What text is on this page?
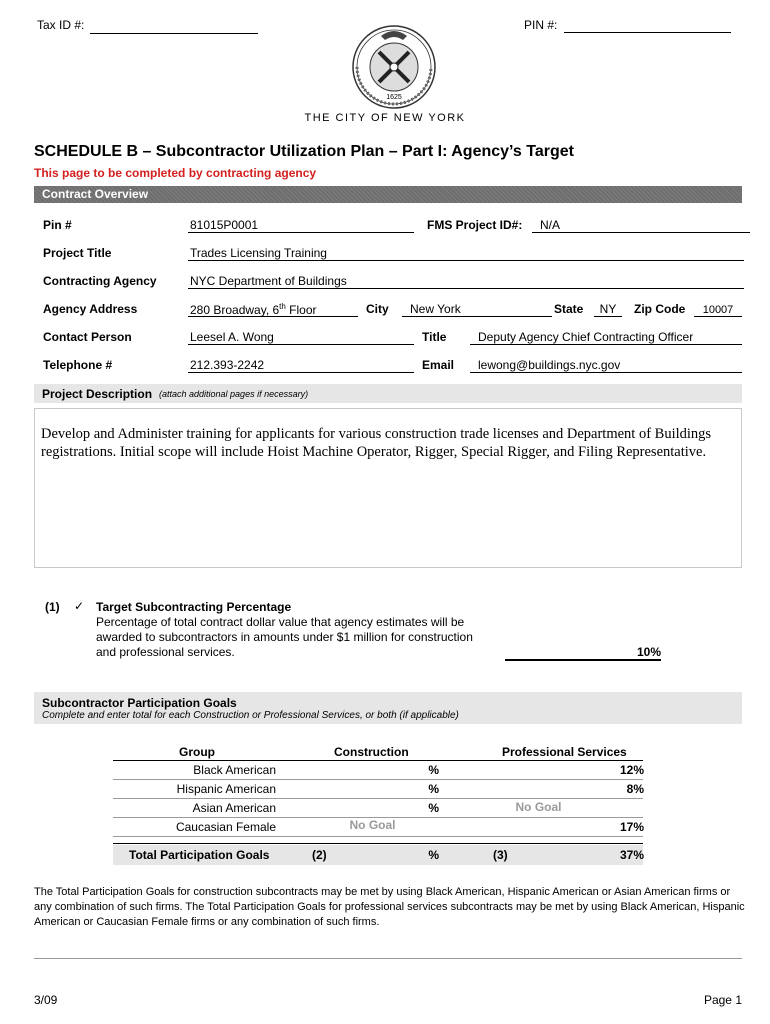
Tax ID #:	PIN #:
1625
THE CITY OF NEW YORK
SCHEDULE B – Subcontractor Utilization Plan – Part I: Agency’s Target
This page to be completed by contracting agency
Contract Overview
Pin #	81015P0001	FMS Project ID#:	N/A
Project Title	Trades Licensing Training
Contracting Agency	NYC Department of Buildings
Agency Address	280 Broadway, 6th Floor	City	New York	State	NY	Zip Code	10007
Contact Person	Leesel A. Wong	Title	Deputy Agency Chief Contracting Officer
Telephone #	212.393-2242	Email	lewong@buildings.nyc.gov
Project Description (attach additional pages if necessary)
Develop and Administer training for applicants for various construction trade licenses and Department of Buildings registrations. Initial scope will include Hoist Machine Operator, Rigger, Special Rigger, and Filing Representative.
(1) ✓ Target Subcontracting Percentage
Percentage of total contract dollar value that agency estimates will be
awarded to subcontractors in amounts under $1 million for construction
and professional services.	10%
Subcontractor Participation Goals
Complete and enter total for each Construction or Professional Services, or both (if applicable)
Group	Construction	Professional Services
Black American	%	12%
Hispanic American	%	8%
Asian American	%	No Goal
Caucasian Female	No Goal	17%
Total Participation Goals	(2)	%	(3)	37%
The Total Participation Goals for construction subcontracts may be met by using Black American, Hispanic American or Asian American firms or any combination of such firms. The Total Participation Goals for professional services subcontracts may be met by using Black American, Hispanic American or Caucasian Female firms or any combination of such firms.
3/09	Page 1
